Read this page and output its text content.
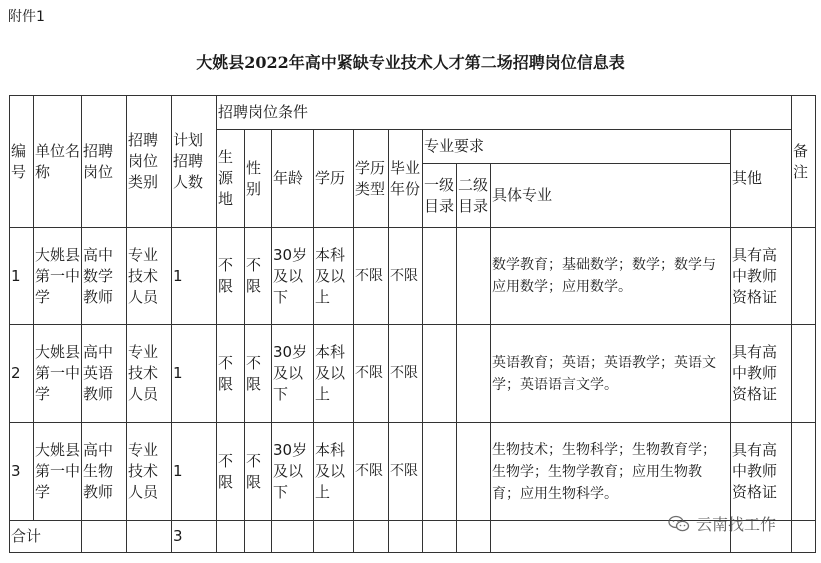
附件1
大姚县2022年高中紧缺专业技术人才第二场招聘岗位信息表
编号	单位名称	招聘岗位	招聘岗位类别	计划招聘人数	招聘岗位条件										备注
					生源地	性别	年龄	学历	学历类型	毕业年份	专业要求			其他	
											一级目录	二级目录	具体专业		
1	大姚县第一中学	高中数学教师	专业技术人员	1	不限	不限	30岁及以下	本科及以上	不限	不限			数学教育；基础数学；数学；数学与应用数学；应用数学。	具有高中教师资格证	
2	大姚县第一中学	高中英语教师	专业技术人员	1	不限	不限	30岁及以下	本科及以上	不限	不限			英语教育；英语；英语教学；英语文学；英语语言文学。	具有高中教师资格证	
3	大姚县第一中学	高中生物教师	专业技术人员	1	不限	不限	30岁及以下	本科及以上	不限	不限			生物技术；生物科学；生物教育学；生物学；生物学教育；应用生物教育；应用生物科学。	具有高中教师资格证	
合计				3											
云南找工作
